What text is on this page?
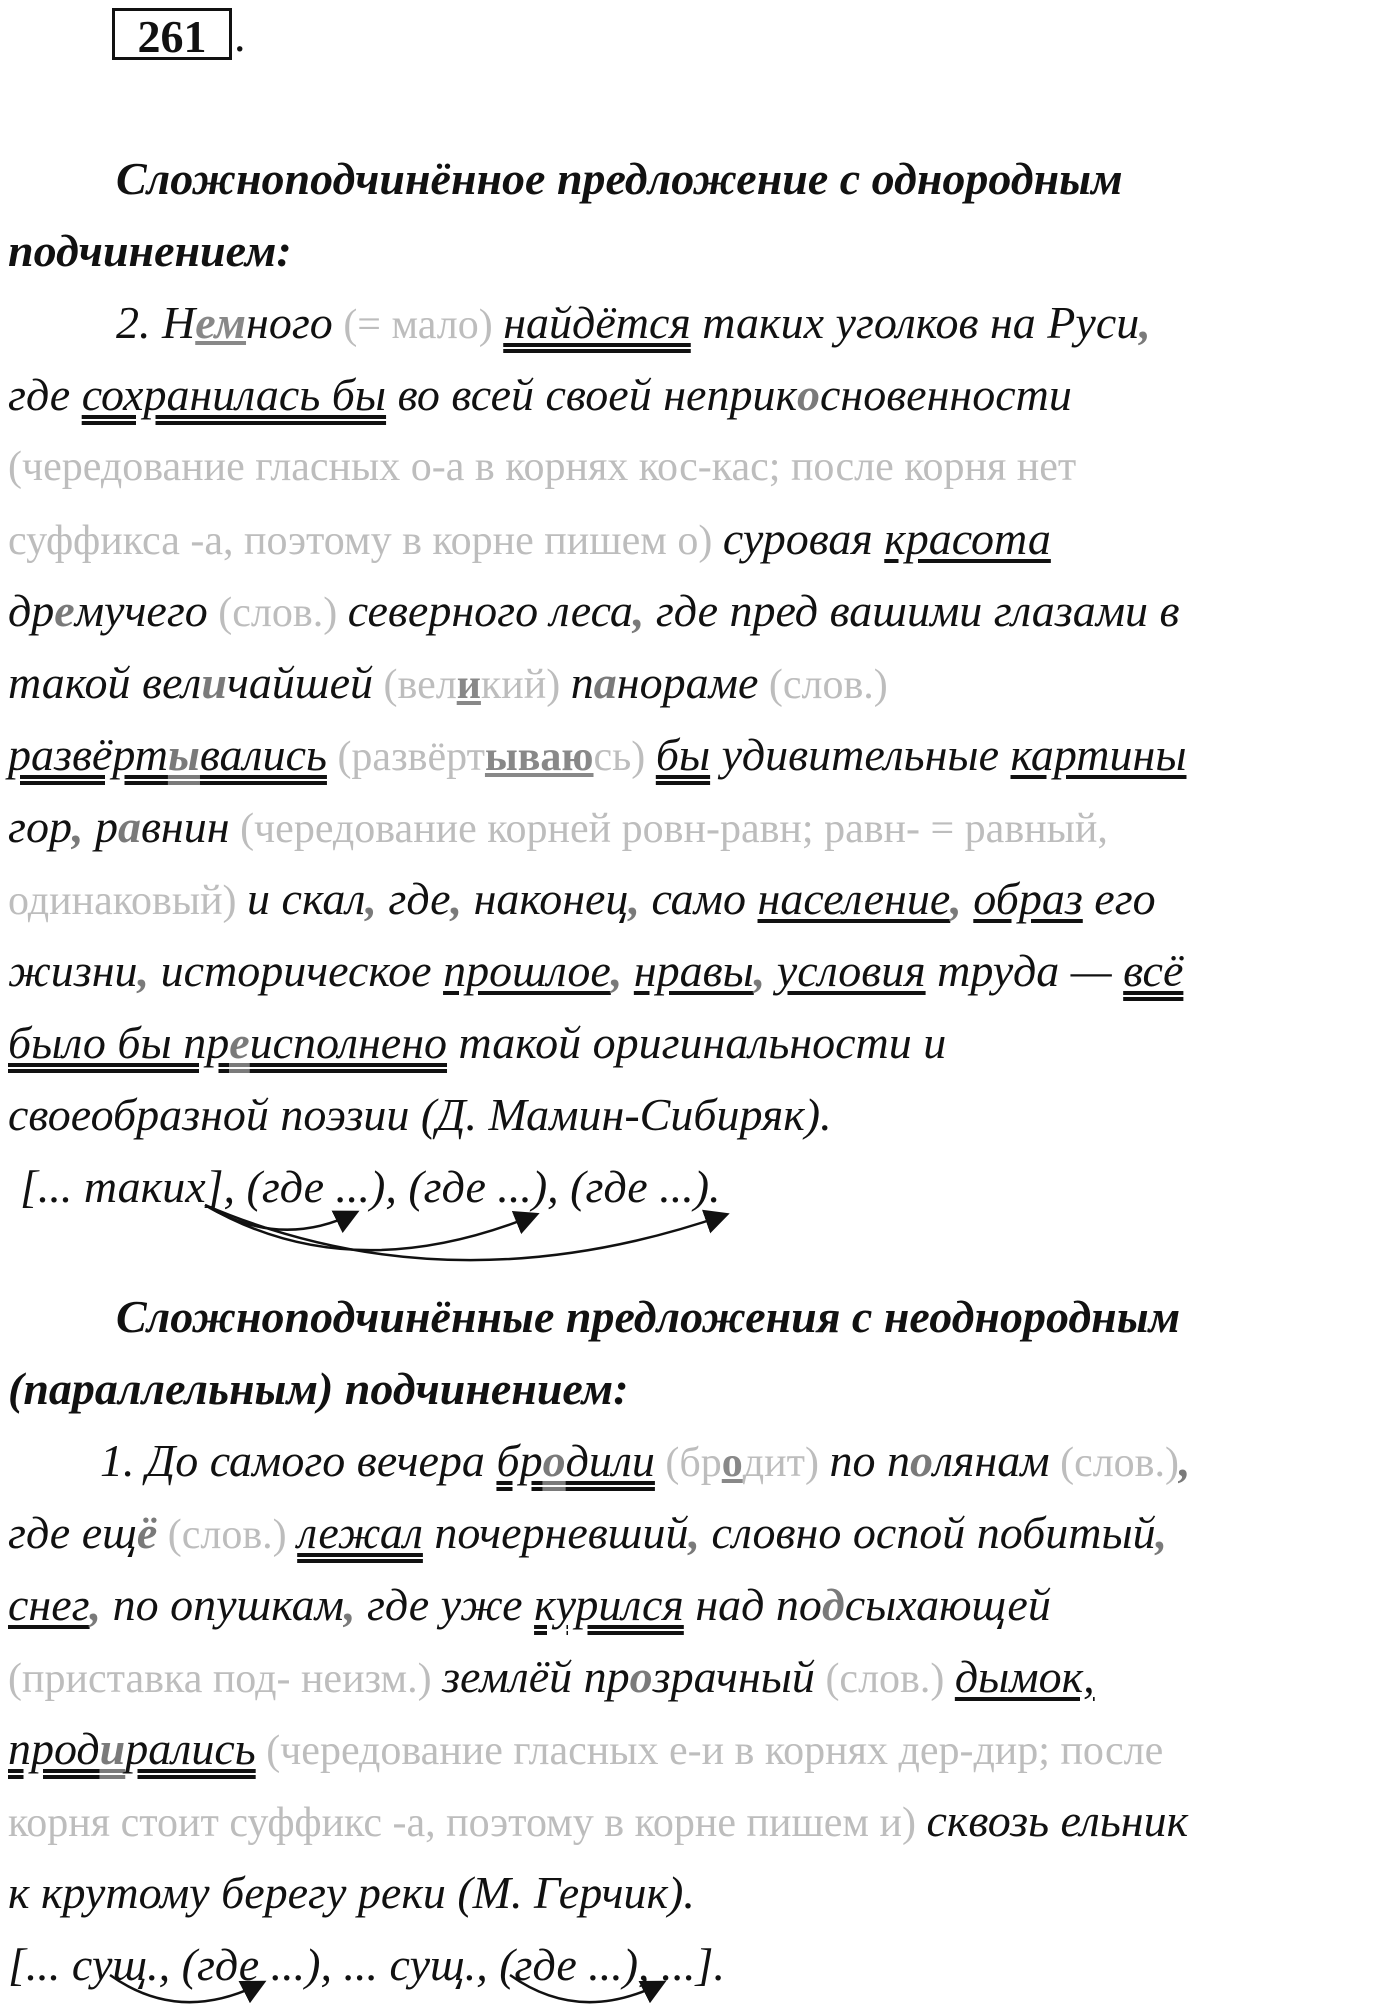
261 .
Сложноподчинённое предложение с однородным
подчинением:
2. Немного (= мало) найдётся таких уголков на Руси,
где сохранилась бы во всей своей неприкосновенности
(чередование гласных о-а в корнях кос-кас; после корня нет
суффикса -а, поэтому в корне пишем о) суровая красота
дремучего (слов.) северного леса, где пред вашими глазами в
такой величайшей (великий) панораме (слов.)
развёртывались (развёртываюсь) бы удивительные картины
гор, равнин (чередование корней ровн-равн; равн- = равный,
одинаковый) и скал, где, наконец, само население, образ его
жизни, историческое прошлое, нравы, условия труда — всё
было бы преисполнено такой оригинальности и
своеобразной поэзии (Д. Мамин-Сибиряк).
[... таких], (где ...), (где ...), (где ...).
Сложноподчинённые предложения с неоднородным
(параллельным) подчинением:
1. До самого вечера бродили (бродит) по полянам (слов.),
где ещё (слов.) лежал почерневший, словно оспой побитый,
снег, по опушкам, где уже курился над подсыхающей
(приставка под- неизм.) землёй прозрачный (слов.) дымок,
продирались (чередование гласных е-и в корнях дер-дир; после
корня стоит суффикс -а, поэтому в корне пишем и) сквозь ельник
к крутому берегу реки (М. Герчик).
[... сущ., (где ...), ... сущ., (где ...), ...].
